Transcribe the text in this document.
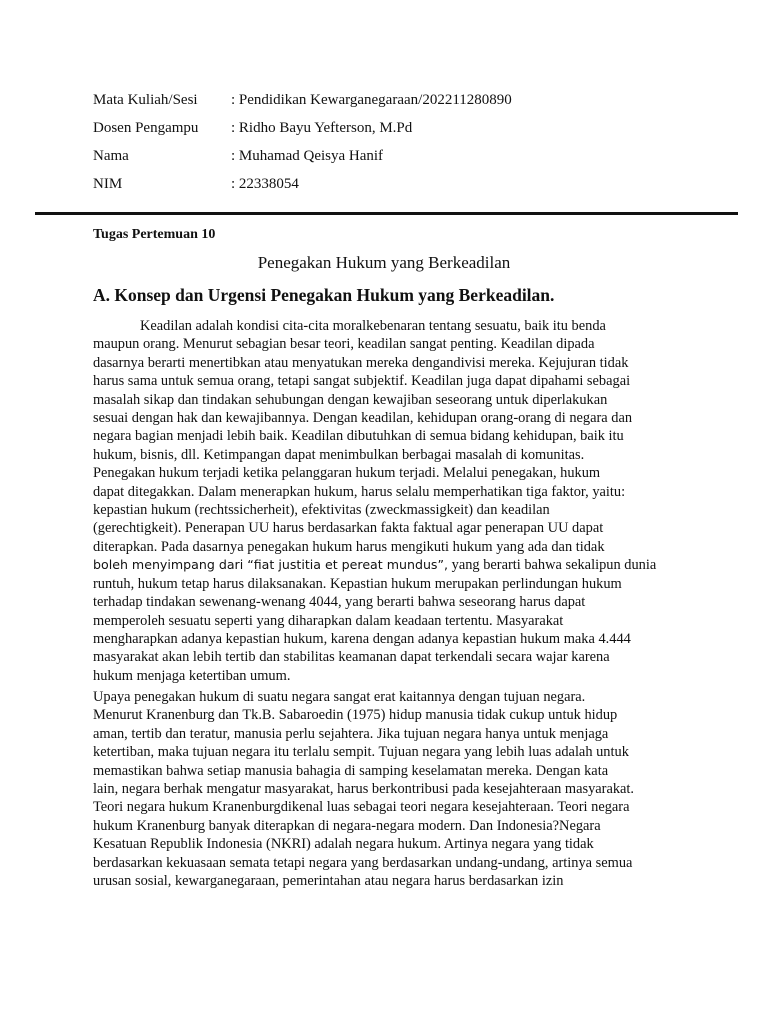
Mata Kuliah/Sesi	: Pendidikan Kewarganegaraan/202211280890
Dosen Pengampu	: Ridho Bayu Yefterson, M.Pd
Nama	: Muhamad Qeisya Hanif
NIM	: 22338054
Tugas Pertemuan 10
Penegakan Hukum yang Berkeadilan
A. Konsep dan Urgensi Penegakan Hukum yang Berkeadilan.
Keadilan adalah kondisi cita-cita moralkebenaran tentang sesuatu, baik itu benda
maupun orang. Menurut sebagian besar teori, keadilan sangat penting. Keadilan dipada
dasarnya berarti menertibkan atau menyatukan mereka dengandivisi mereka. Kejujuran tidak
harus sama untuk semua orang, tetapi sangat subjektif. Keadilan juga dapat dipahami sebagai
masalah sikap dan tindakan sehubungan dengan kewajiban seseorang untuk diperlakukan
sesuai dengan hak dan kewajibannya. Dengan keadilan, kehidupan orang-orang di negara dan
negara bagian menjadi lebih baik. Keadilan dibutuhkan di semua bidang kehidupan, baik itu
hukum, bisnis, dll. Ketimpangan dapat menimbulkan berbagai masalah di komunitas.
Penegakan hukum terjadi ketika pelanggaran hukum terjadi. Melalui penegakan, hukum
dapat ditegakkan. Dalam menerapkan hukum, harus selalu memperhatikan tiga faktor, yaitu:
kepastian hukum (rechtssicherheit), efektivitas (zweckmassigkeit) dan keadilan
(gerechtigkeit). Penerapan UU harus berdasarkan fakta faktual agar penerapan UU dapat
diterapkan. Pada dasarnya penegakan hukum harus mengikuti hukum yang ada dan tidak
boleh menyimpang dari “fiat justitia et pereat mundus”, yang berarti bahwa sekalipun dunia
runtuh, hukum tetap harus dilaksanakan. Kepastian hukum merupakan perlindungan hukum
terhadap tindakan sewenang-wenang 4044, yang berarti bahwa seseorang harus dapat
memperoleh sesuatu seperti yang diharapkan dalam keadaan tertentu. Masyarakat
mengharapkan adanya kepastian hukum, karena dengan adanya kepastian hukum maka 4.444
masyarakat akan lebih tertib dan stabilitas keamanan dapat terkendali secara wajar karena
hukum menjaga ketertiban umum.
Upaya penegakan hukum di suatu negara sangat erat kaitannya dengan tujuan negara.
Menurut Kranenburg dan Tk.B. Sabaroedin (1975) hidup manusia tidak cukup untuk hidup
aman, tertib dan teratur, manusia perlu sejahtera. Jika tujuan negara hanya untuk menjaga
ketertiban, maka tujuan negara itu terlalu sempit. Tujuan negara yang lebih luas adalah untuk
memastikan bahwa setiap manusia bahagia di samping keselamatan mereka. Dengan kata
lain, negara berhak mengatur masyarakat, harus berkontribusi pada kesejahteraan masyarakat.
Teori negara hukum Kranenburgdikenal luas sebagai teori negara kesejahteraan. Teori negara
hukum Kranenburg banyak diterapkan di negara-negara modern. Dan Indonesia?Negara
Kesatuan Republik Indonesia (NKRI) adalah negara hukum. Artinya negara yang tidak
berdasarkan kekuasaan semata tetapi negara yang berdasarkan undang-undang, artinya semua
urusan sosial, kewarganegaraan, pemerintahan atau negara harus berdasarkan izin
